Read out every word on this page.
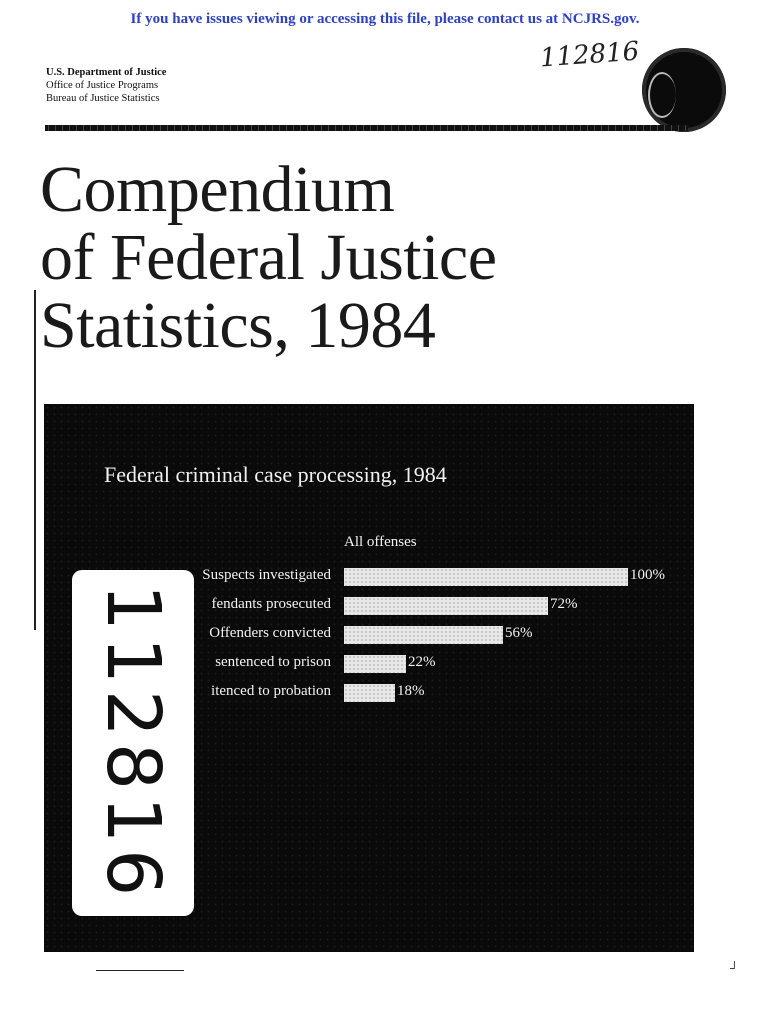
If you have issues viewing or accessing this file, please contact us at NCJRS.gov.
112816
U.S. Department of Justice
Office of Justice Programs
Bureau of Justice Statistics
Compendium
of Federal Justice
Statistics, 1984
Federal criminal case processing, 1984
All offenses
Suspects investigated	100%
fendants prosecuted	72%
Offenders convicted	56%
sentenced to prison	22%
itenced to probation	18%
112816
┘
